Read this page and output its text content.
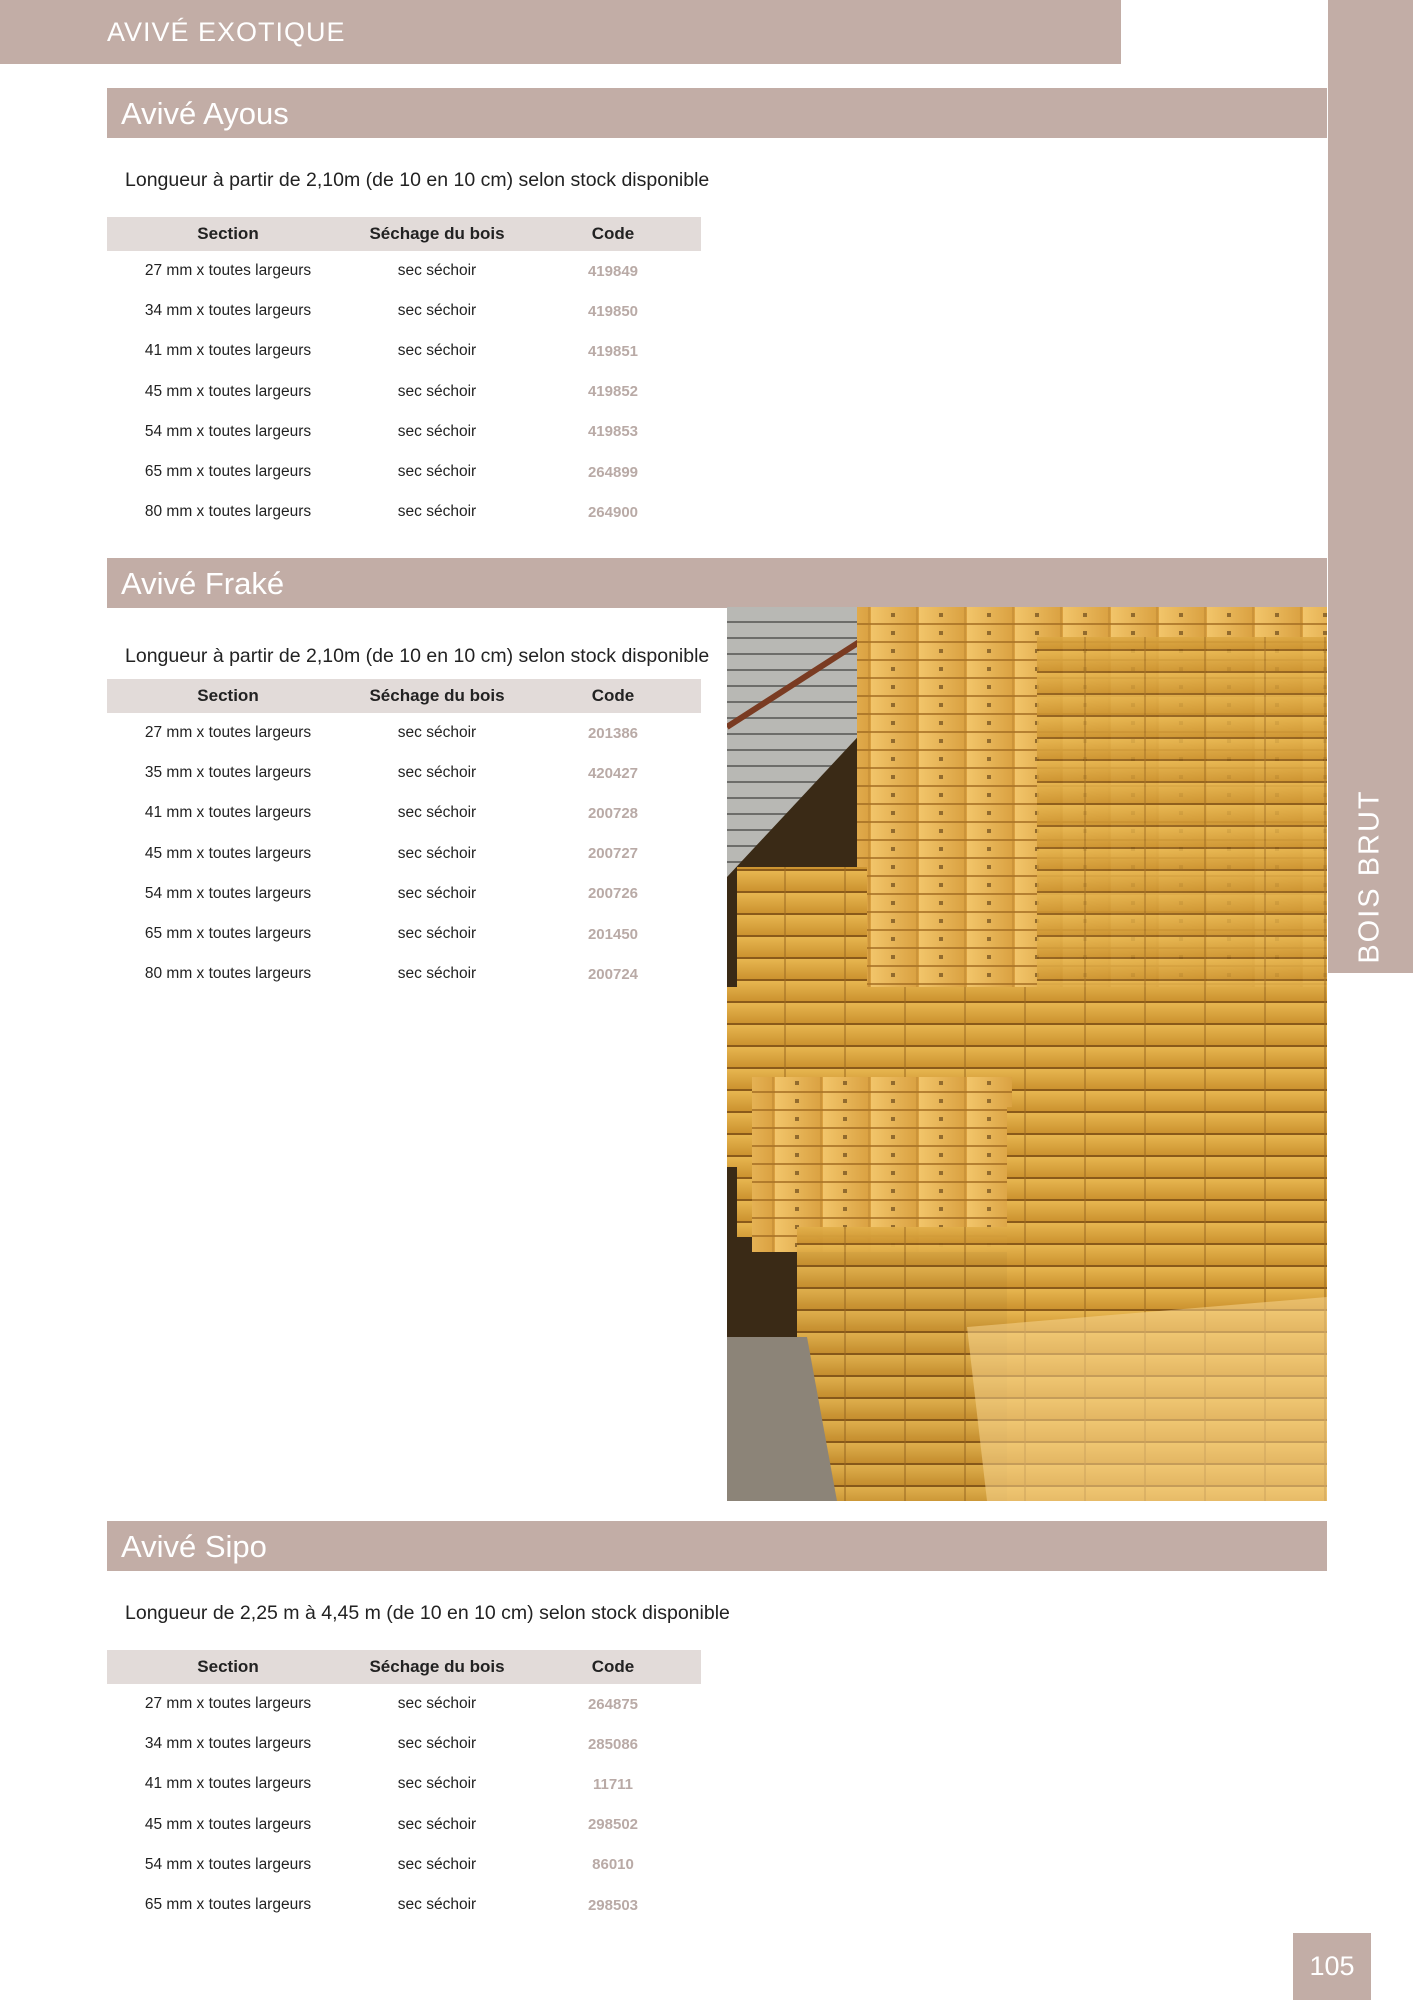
AVIVÉ EXOTIQUE
BOIS BRUT
Avivé Ayous
Longueur à partir de 2,10m (de 10 en 10 cm) selon stock disponible
Section	Séchage du bois	Code
27 mm x toutes largeurs	sec séchoir	419849
34 mm x toutes largeurs	sec séchoir	419850
41 mm x toutes largeurs	sec séchoir	419851
45 mm x toutes largeurs	sec séchoir	419852
54 mm x toutes largeurs	sec séchoir	419853
65 mm x toutes largeurs	sec séchoir	264899
80 mm x toutes largeurs	sec séchoir	264900
Avivé Fraké
Longueur à partir de 2,10m (de 10 en 10 cm) selon stock disponible
Section	Séchage du bois	Code
27 mm x toutes largeurs	sec séchoir	201386
35 mm x toutes largeurs	sec séchoir	420427
41 mm x toutes largeurs	sec séchoir	200728
45 mm x toutes largeurs	sec séchoir	200727
54 mm x toutes largeurs	sec séchoir	200726
65 mm x toutes largeurs	sec séchoir	201450
80 mm x toutes largeurs	sec séchoir	200724
Avivé Sipo
Longueur de 2,25 m à 4,45 m (de 10 en 10 cm) selon stock disponible
Section	Séchage du bois	Code
27 mm x toutes largeurs	sec séchoir	264875
34 mm x toutes largeurs	sec séchoir	285086
41 mm x toutes largeurs	sec séchoir	11711
45 mm x toutes largeurs	sec séchoir	298502
54 mm x toutes largeurs	sec séchoir	86010
65 mm x toutes largeurs	sec séchoir	298503
105
